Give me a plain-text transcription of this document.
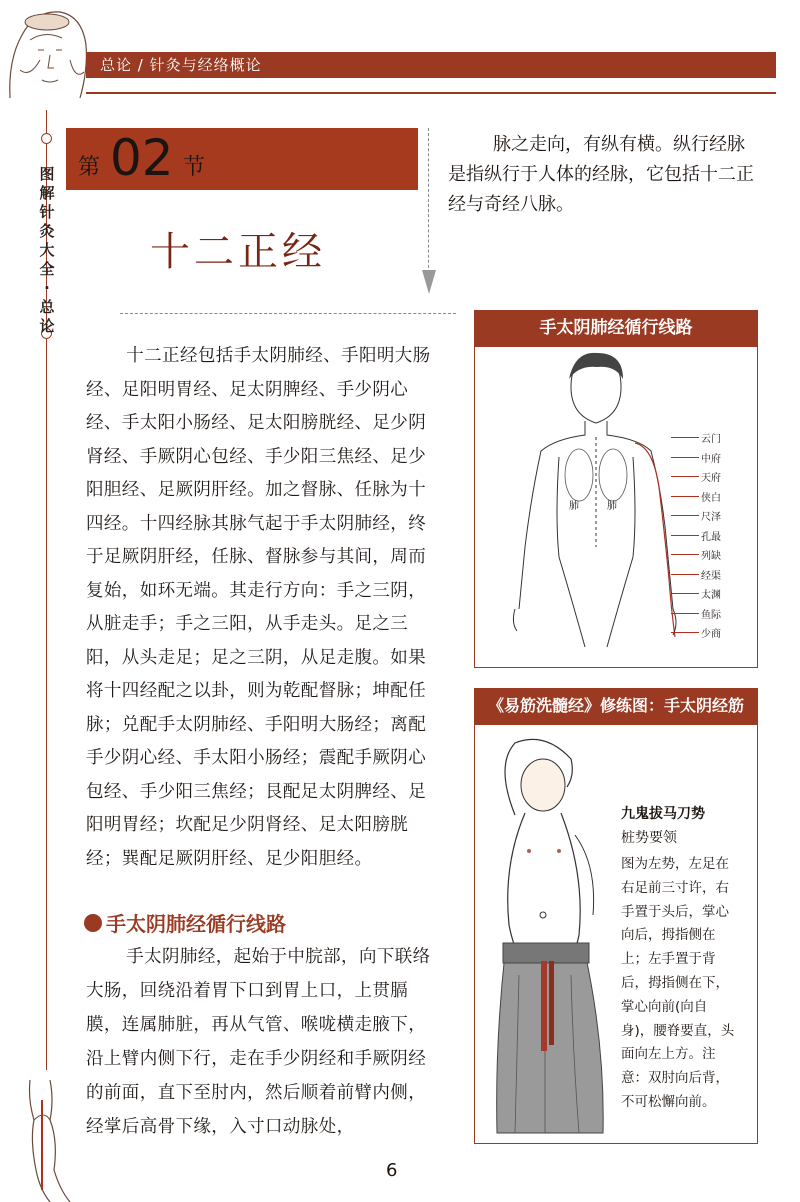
总论 / 针灸与经络概论
图解针灸大全·总论
第 02 节
十二正经
脉之走向，有纵有横。纵行经脉是指纵行于人体的经脉，它包括十二正经与奇经八脉。
十二正经包括手太阴肺经、手阳明大肠经、足阳明胃经、足太阴脾经、手少阴心经、手太阳小肠经、足太阳膀胱经、足少阴肾经、手厥阴心包经、手少阳三焦经、足少阳胆经、足厥阴肝经。加之督脉、任脉为十四经。十四经脉其脉气起于手太阴肺经，终于足厥阴肝经，任脉、督脉参与其间，周而复始，如环无端。其走行方向：手之三阴，从脏走手；手之三阳，从手走头。足之三阳，从头走足；足之三阴，从足走腹。如果将十四经配之以卦，则为乾配督脉；坤配任脉；兑配手太阴肺经、手阳明大肠经；离配手少阴心经、手太阳小肠经；震配手厥阴心包经、手少阳三焦经；艮配足太阴脾经、足阳明胃经；坎配足少阴肾经、足太阳膀胱经；巽配足厥阴肝经、足少阳胆经。
手太阴肺经循行线路
手太阴肺经，起始于中脘部，向下联络大肠，回绕沿着胃下口到胃上口，上贯膈膜，连属肺脏，再从气管、喉咙横走腋下，沿上臂内侧下行，走在手少阴经和手厥阴经的前面，直下至肘内，然后顺着前臂内侧，经掌后高骨下缘，入寸口动脉处，
手太阴肺经循行线路
肺	肺
云门
中府
天府
侠白
尺泽
孔最
列缺
经渠
太渊
鱼际
少商
《易筋洗髓经》修练图：手太阴经筋
九鬼拔马刀势
桩势要领
图为左势，左足在右足前三寸许，右手置于头后，掌心向后，拇指侧在上；左手置于背后，拇指侧在下，掌心向前(向自身)，腰脊要直，头面向左上方。注意：双肘向后背，不可松懈向前。
6
